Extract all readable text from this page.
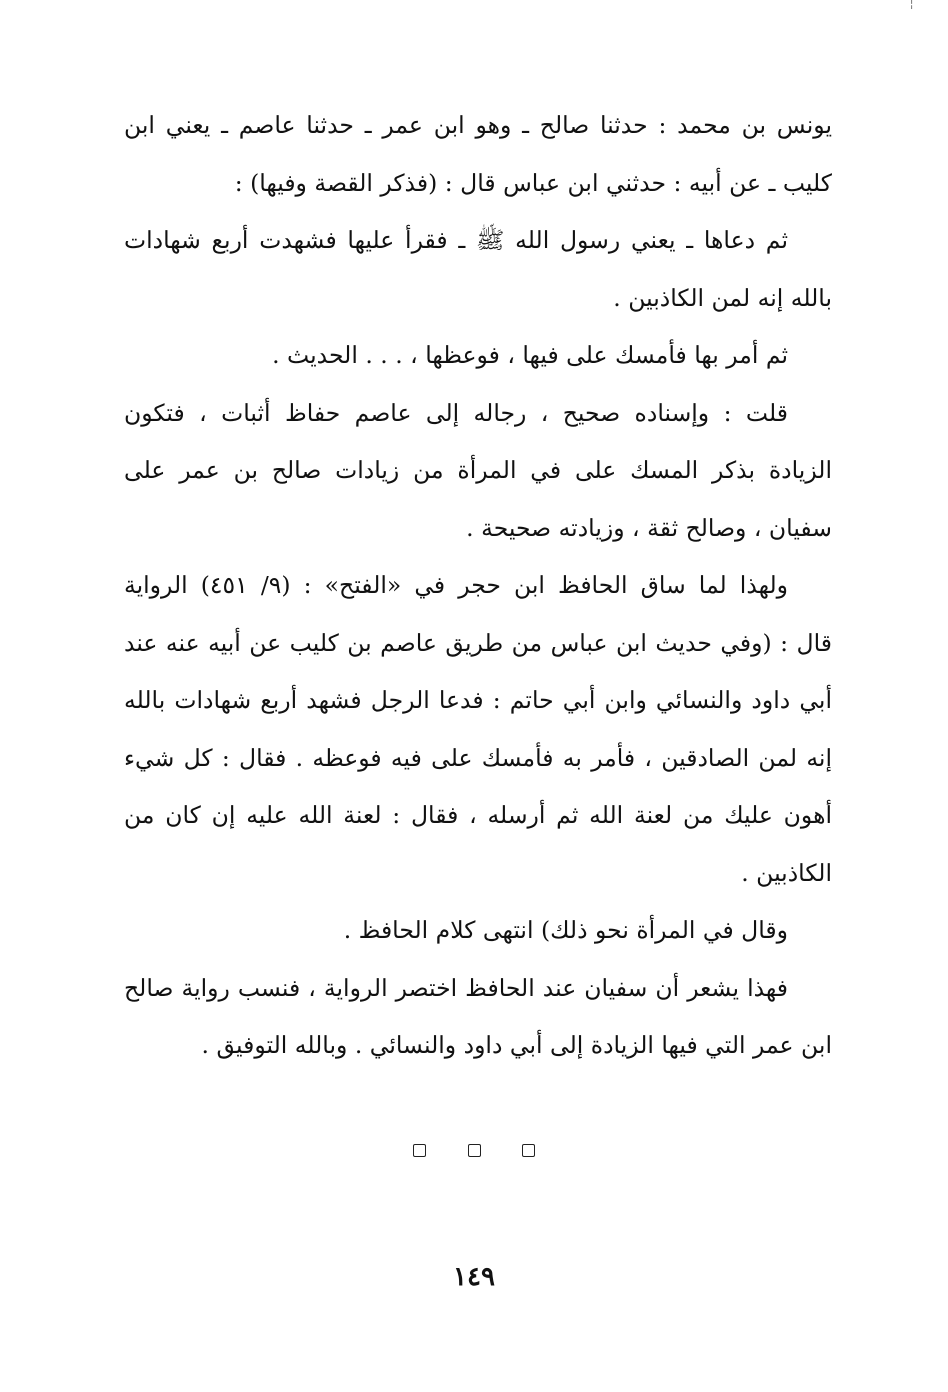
¦
يونس بن محمد : حدثنا صالح ـ وهو ابن عمر ـ حدثنا عاصم ـ يعني ابن
كليب ـ عن أبيه : حدثني ابن عباس قال : (فذكر القصة وفيها) :
ثم دعاها ـ يعني رسول الله ﷺ ـ فقرأ عليها فشهدت أربع شهادات
بالله إنه لمن الكاذبين .
ثم أمر بها فأمسك على فيها ، فوعظها ، . . . الحديث .
قلت : وإسناده صحيح ، رجاله إلى عاصم حفاظ أثبات ، فتكون
الزيادة بذكر المسك على في المرأة من زيادات صالح بن عمر على
سفيان ، وصالح ثقة ، وزيادته صحيحة .
ولهذا لما ساق الحافظ ابن حجر في «الفتح» : (٩/ ٤٥١) الرواية
قال : (وفي حديث ابن عباس من طريق عاصم بن كليب عن أبيه عنه عند
أبي داود والنسائي وابن أبي حاتم : فدعا الرجل فشهد أربع شهادات بالله
إنه لمن الصادقين ، فأمر به فأمسك على فيه فوعظه . فقال : كل شيء
أهون عليك من لعنة الله ثم أرسله ، فقال : لعنة الله عليه إن كان من
الكاذبين .
وقال في المرأة نحو ذلك) انتهى كلام الحافظ .
فهذا يشعر أن سفيان عند الحافظ اختصر الرواية ، فنسب رواية صالح
ابن عمر التي فيها الزيادة إلى أبي داود والنسائي . وبالله التوفيق .

١٤٩
